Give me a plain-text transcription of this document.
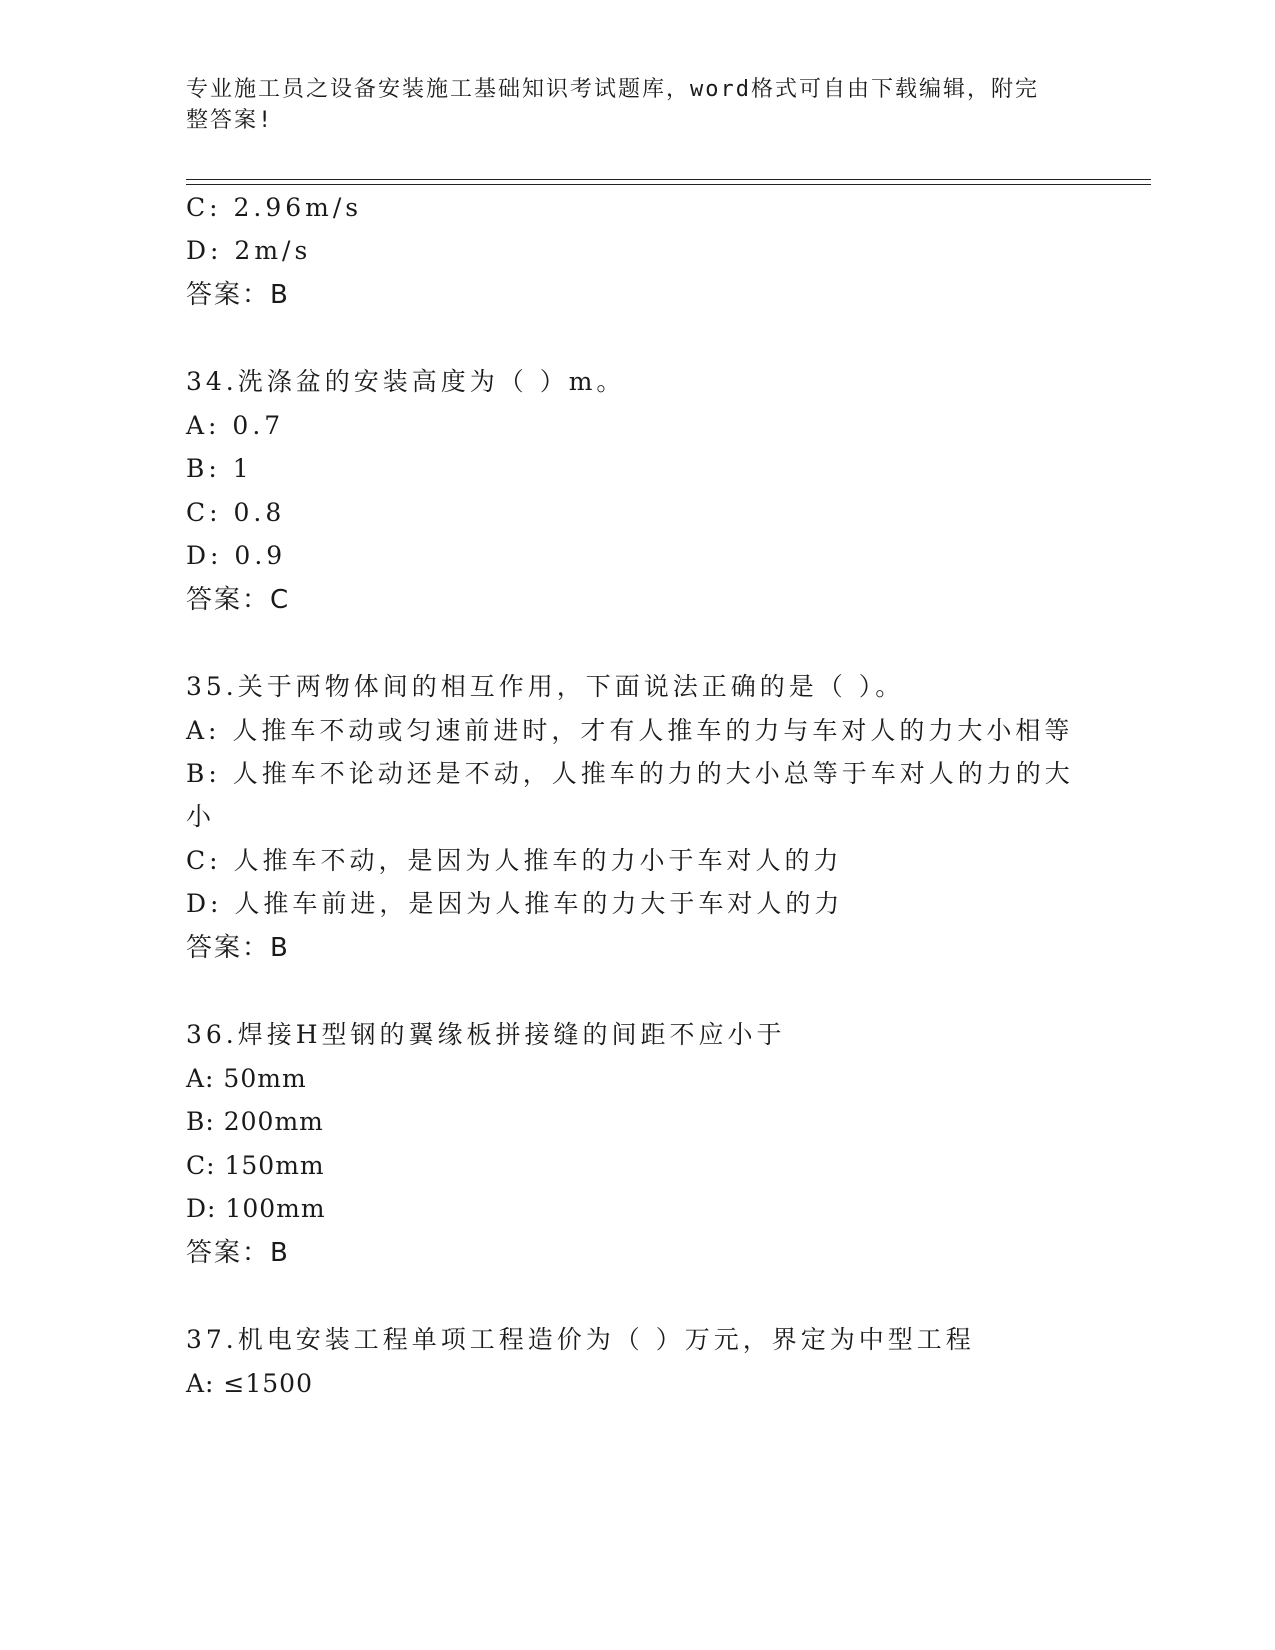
专业施工员之设备安装施工基础知识考试题库，word格式可自由下载编辑，附完
整答案!
C: 2.96m/s
D: 2m/s
答案：B
34.洗涤盆的安装高度为（ ）m。
A: 0.7
B: 1
C: 0.8
D: 0.9
答案：C
35.关于两物体间的相互作用，下面说法正确的是（ ）。
A: 人推车不动或匀速前进时，才有人推车的力与车对人的力大小相等
B: 人推车不论动还是不动，人推车的力的大小总等于车对人的力的大
小
C: 人推车不动，是因为人推车的力小于车对人的力
D: 人推车前进，是因为人推车的力大于车对人的力
答案：B
36.焊接H型钢的翼缘板拼接缝的间距不应小于
A: 50mm
B: 200mm
C: 150mm
D: 100mm
答案：B
37.机电安装工程单项工程造价为（ ）万元，界定为中型工程
A: ≤1500
